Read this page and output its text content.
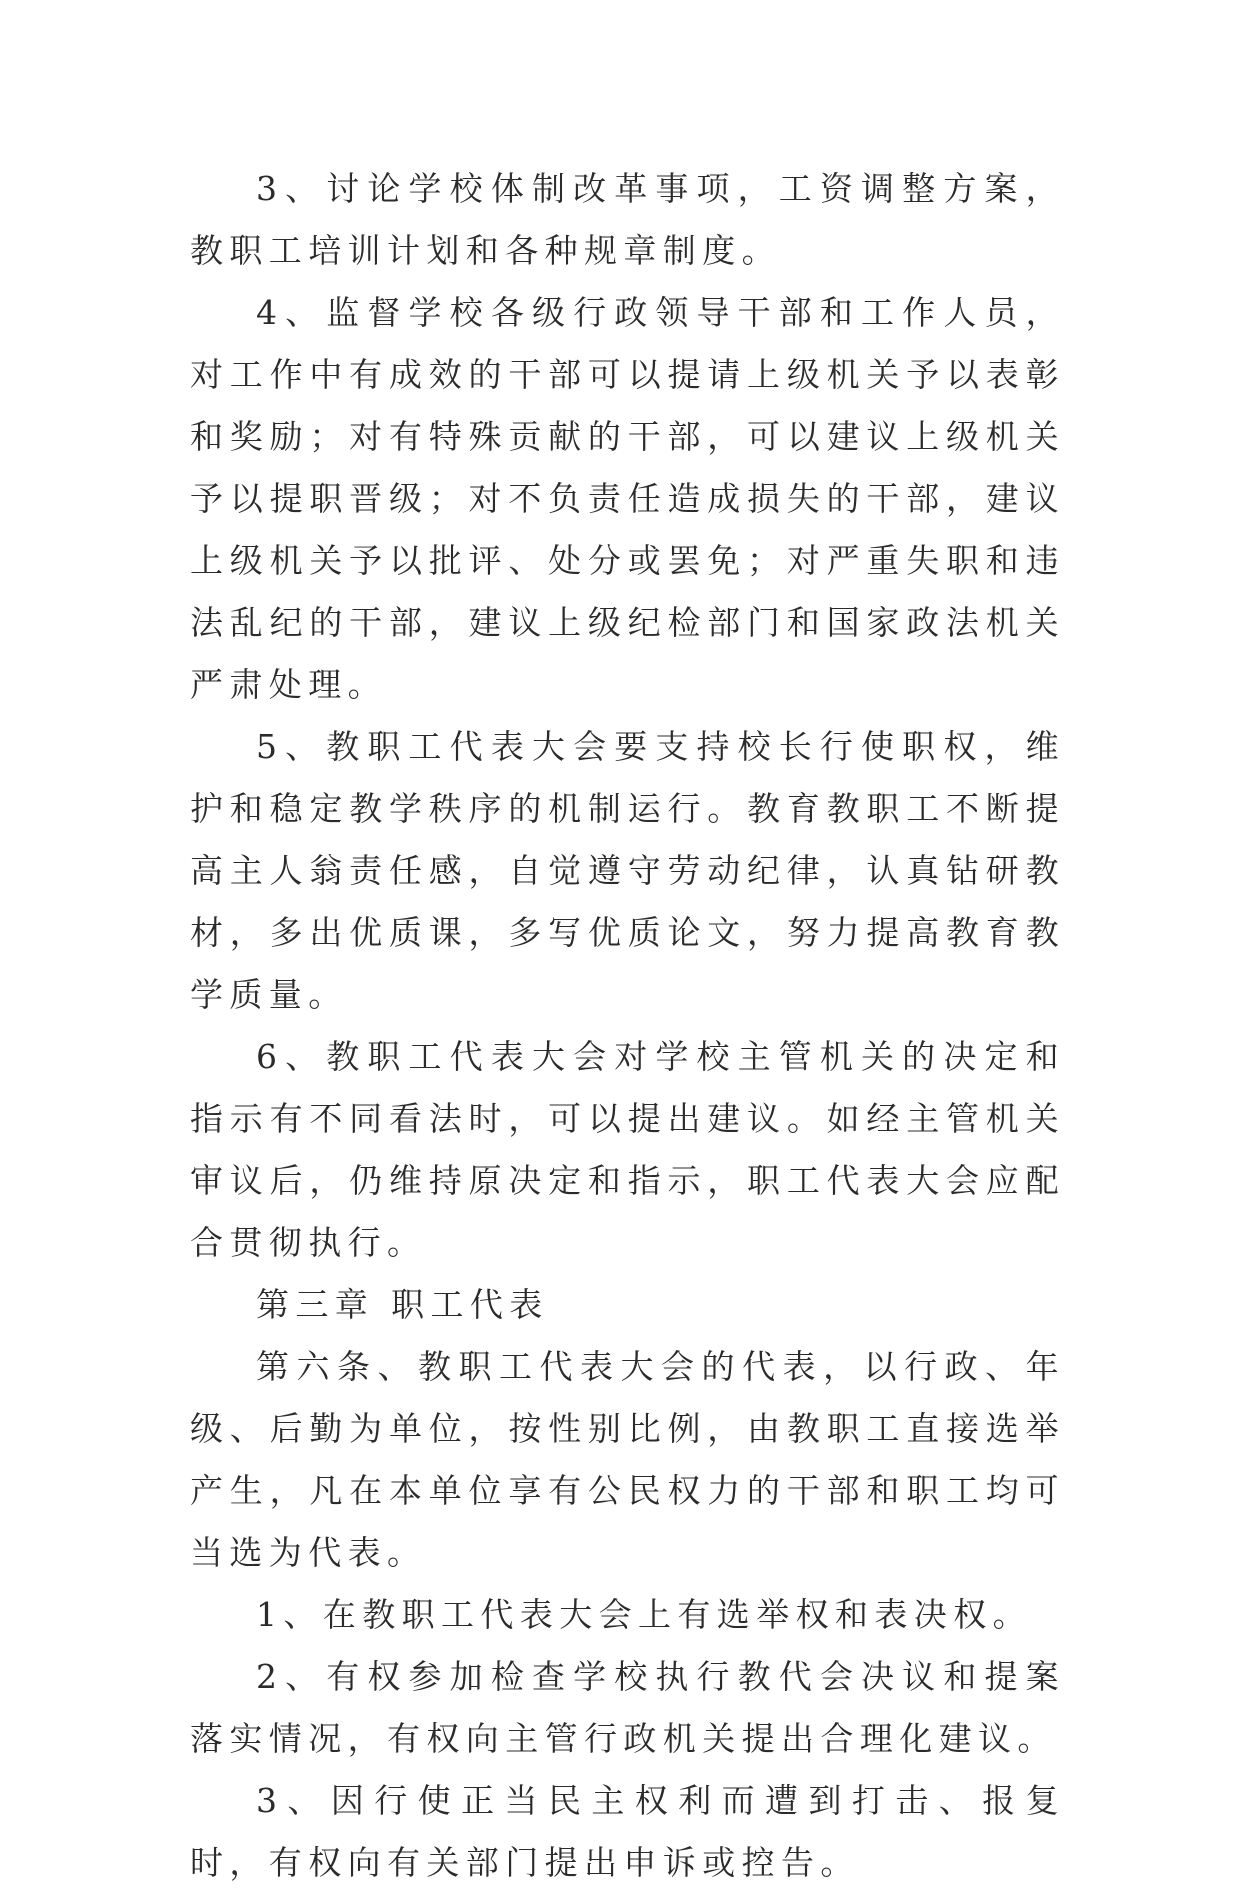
3、讨论学校体制改革事项，工资调整方案，教职工培训计划和各种规章制度。

4、监督学校各级行政领导干部和工作人员，对工作中有成效的干部可以提请上级机关予以表彰和奖励；对有特殊贡献的干部，可以建议上级机关予以提职晋级；对不负责任造成损失的干部，建议上级机关予以批评、处分或罢免；对严重失职和违法乱纪的干部，建议上级纪检部门和国家政法机关严肃处理。

5、教职工代表大会要支持校长行使职权，维护和稳定教学秩序的机制运行。教育教职工不断提高主人翁责任感，自觉遵守劳动纪律，认真钻研教材，多出优质课，多写优质论文，努力提高教育教学质量。

6、教职工代表大会对学校主管机关的决定和指示有不同看法时，可以提出建议。如经主管机关审议后，仍维持原决定和指示，职工代表大会应配合贯彻执行。

第三章 职工代表

第六条、教职工代表大会的代表，以行政、年级、后勤为单位，按性别比例，由教职工直接选举产生，凡在本单位享有公民权力的干部和职工均可当选为代表。

1、在教职工代表大会上有选举权和表决权。

2、有权参加检查学校执行教代会决议和提案落实情况，有权向主管行政机关提出合理化建议。

3、因行使正当民主权利而遭到打击、报复时，有权向有关部门提出申诉或控告。
